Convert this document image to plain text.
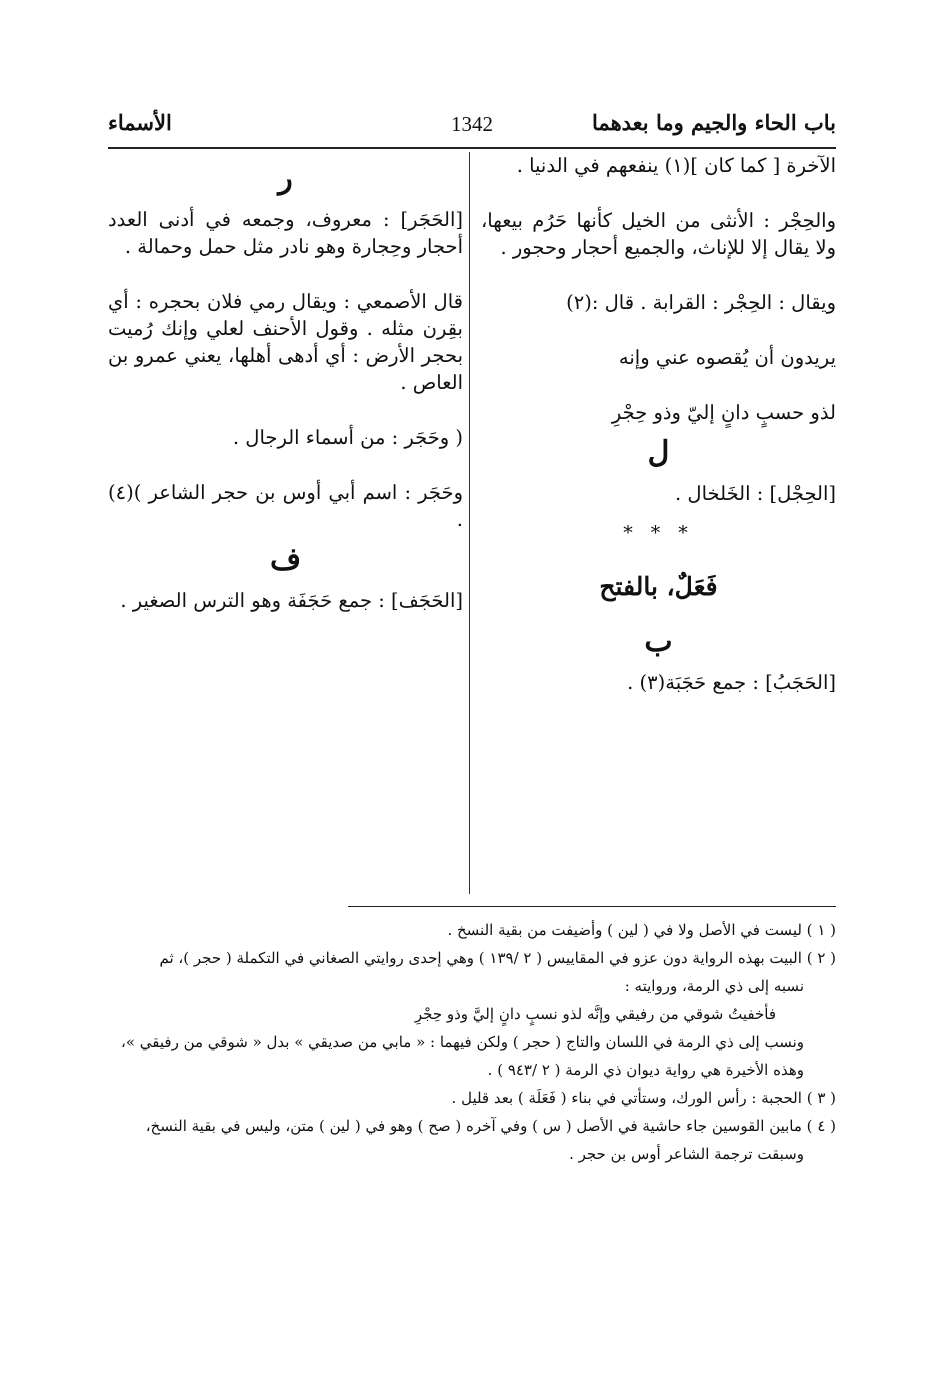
باب الحاء والجيم وما بعدهما
1342
الأسماء

الآخرة [ كما كان ](١) ينفعهم في الدنيا .

والحِجْر : الأنثى من الخيل كأنها حَرُم بيعها، ولا يقال إلا للإناث، والجميع أحجار وحجور .

ويقال : الحِجْر : القرابة . قال :(٢)

يريدون أن يُقصوه عني وإنه

لذو حسبٍ دانٍ إليّ وذو حِجْرِ

ل

[الحِجْل] : الخَلخال .

* * *

فَعَلٌ، بالفتح

ب

[الحَجَبُ] : جمع حَجَبَة(٣) .

ر

[الحَجَر] : معروف، وجمعه في أدنى العدد أحجار وحِجارة وهو نادر مثل حمل وحمالة .

قال الأصمعي : ويقال رمي فلان بحجره : أي بقِرن مثله . وقول الأحنف لعلي وإنك رُميت بحجر الأرض : أي أدهى أهلها، يعني عمرو بن العاص .

( وحَجَر : من أسماء الرجال .

وحَجَر : اسم أبي أوس بن حجر الشاعر )(٤) .

ف

[الحَجَف] : جمع حَجَفَة وهو الترس الصغير .

( ١ ) ليست في الأصل ولا في ( لين ) وأضيفت من بقية النسخ .

( ٢ ) البيت بهذه الرواية دون عزو في المقاييس ( ٢ /١٣٩ ) وهي إحدى روايتي الصغاني في التكملة ( حجر )، ثم

نسبه إلى ذي الرمة، وروايته :

فأخفيتُ شوقي من رفيقي وإنَّه لذو نسبٍ دانٍ إليَّ وذو حِجْرِ

ونسب إلى ذي الرمة في اللسان والتاج ( حجر ) ولكن فيهما : « مابي من صديقي » بدل « شوقي من رفيقي »،

وهذه الأخيرة هي رواية ديوان ذي الرمة ( ٢ /٩٤٣ ) .

( ٣ ) الحجبة : رأس الورك، وستأتي في بناء ( فَعَلَة ) بعد قليل .

( ٤ ) مابين القوسين جاء حاشية في الأصل ( س ) وفي آخره ( صح ) وهو في ( لين ) متن، وليس في بقية النسخ،

وسبقت ترجمة الشاعر أوس بن حجر .
